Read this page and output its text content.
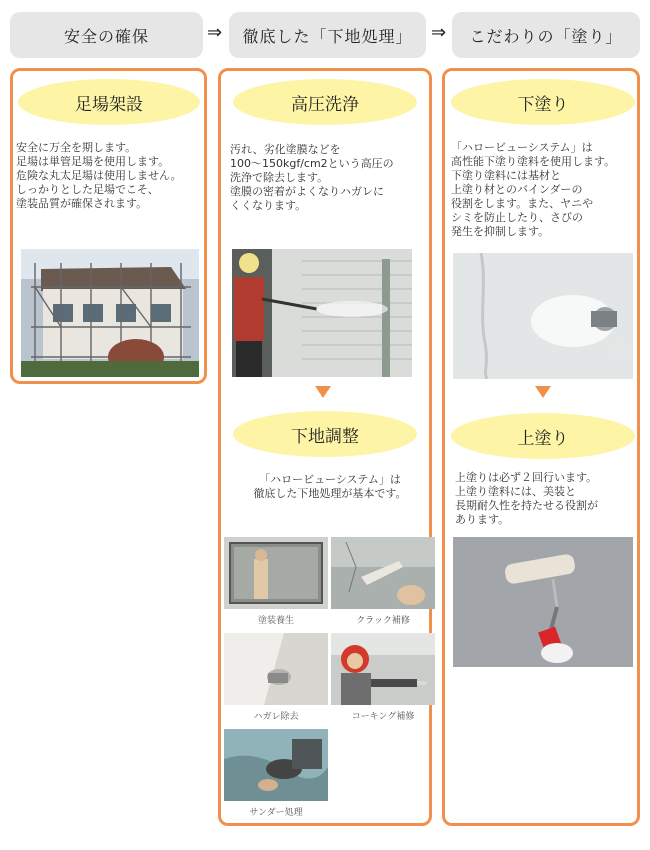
安全の確保	⇒	徹底した「下地処理」	⇒	こだわりの「塗り」
足場架設
安全に万全を期します。
足場は単管足場を使用します。
危険な丸太足場は使用しません。
しっかりとした足場でこそ、
塗装品質が確保されます。
高圧洗浄
汚れ、劣化塗膜などを
100〜150kgf/cm2という高圧の
洗浄で除去します。
塗膜の密着がよくなりハガレに
くくなります。
下地調整
「ハロービューシステム」は
徹底した下地処理が基本です。
塗装養生	クラック補修
ハガレ除去	コーキング補修
サンダー処理
下塗り
「ハロービューシステム」は
高性能下塗り塗料を使用します。
下塗り塗料には基材と
上塗り材とのバインダーの
役割をします。また、ヤニや
シミを防止したり、さびの
発生を抑制します。
上塗り
上塗りは必ず２回行います。
上塗り塗料には、美装と
長期耐久性を持たせる役割が
あります。
